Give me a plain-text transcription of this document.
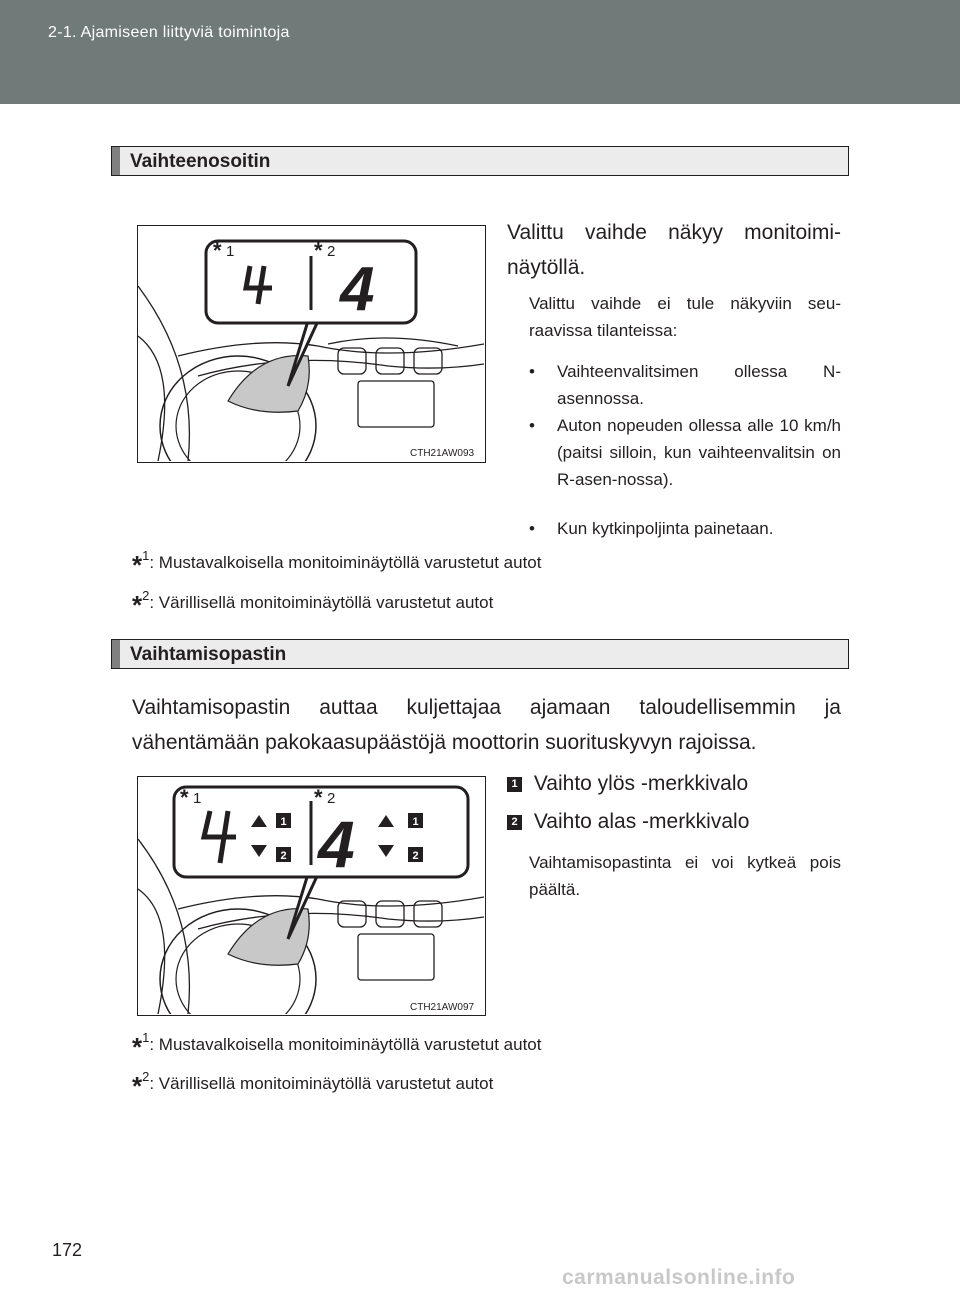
2-1. Ajamiseen liittyviä toimintoja
Vaihteenosoitin
*
* 1	2
4
CTH21AW093
Valittu vaihde näkyy monitoimi-näytöllä.
Valittu vaihde ei tule näkyviin seu-raavissa tilanteissa:
• Vaihteenvalitsimen ollessa N-asennossa.
• Auton nopeuden ollessa alle 10 km/h (paitsi silloin, kun vaihteenvalitsin on R-asen-nossa).
• Kun kytkinpoljinta painetaan.
*$^1$: Mustavalkoisella monitoiminäytöllä varustetut autot
*$^2$: Värillisellä monitoiminäytöllä varustetut autot
Vaihtamisopastin
Vaihtamisopastin auttaa kuljettajaa ajamaan taloudellisemmin ja vähentämään pakokaasupäästöjä moottorin suorituskyvyn rajoissa.
1
2 4	1
2
*	*
1	2
CTH21AW097
1 Vaihto ylös -merkkivalo
2 Vaihto alas -merkkivalo
Vaihtamisopastinta ei voi kytkeä pois päältä.
*$^1$: Mustavalkoisella monitoiminäytöllä varustetut autot
*$^2$: Värillisellä monitoiminäytöllä varustetut autot
172
carmanualsonline.info
